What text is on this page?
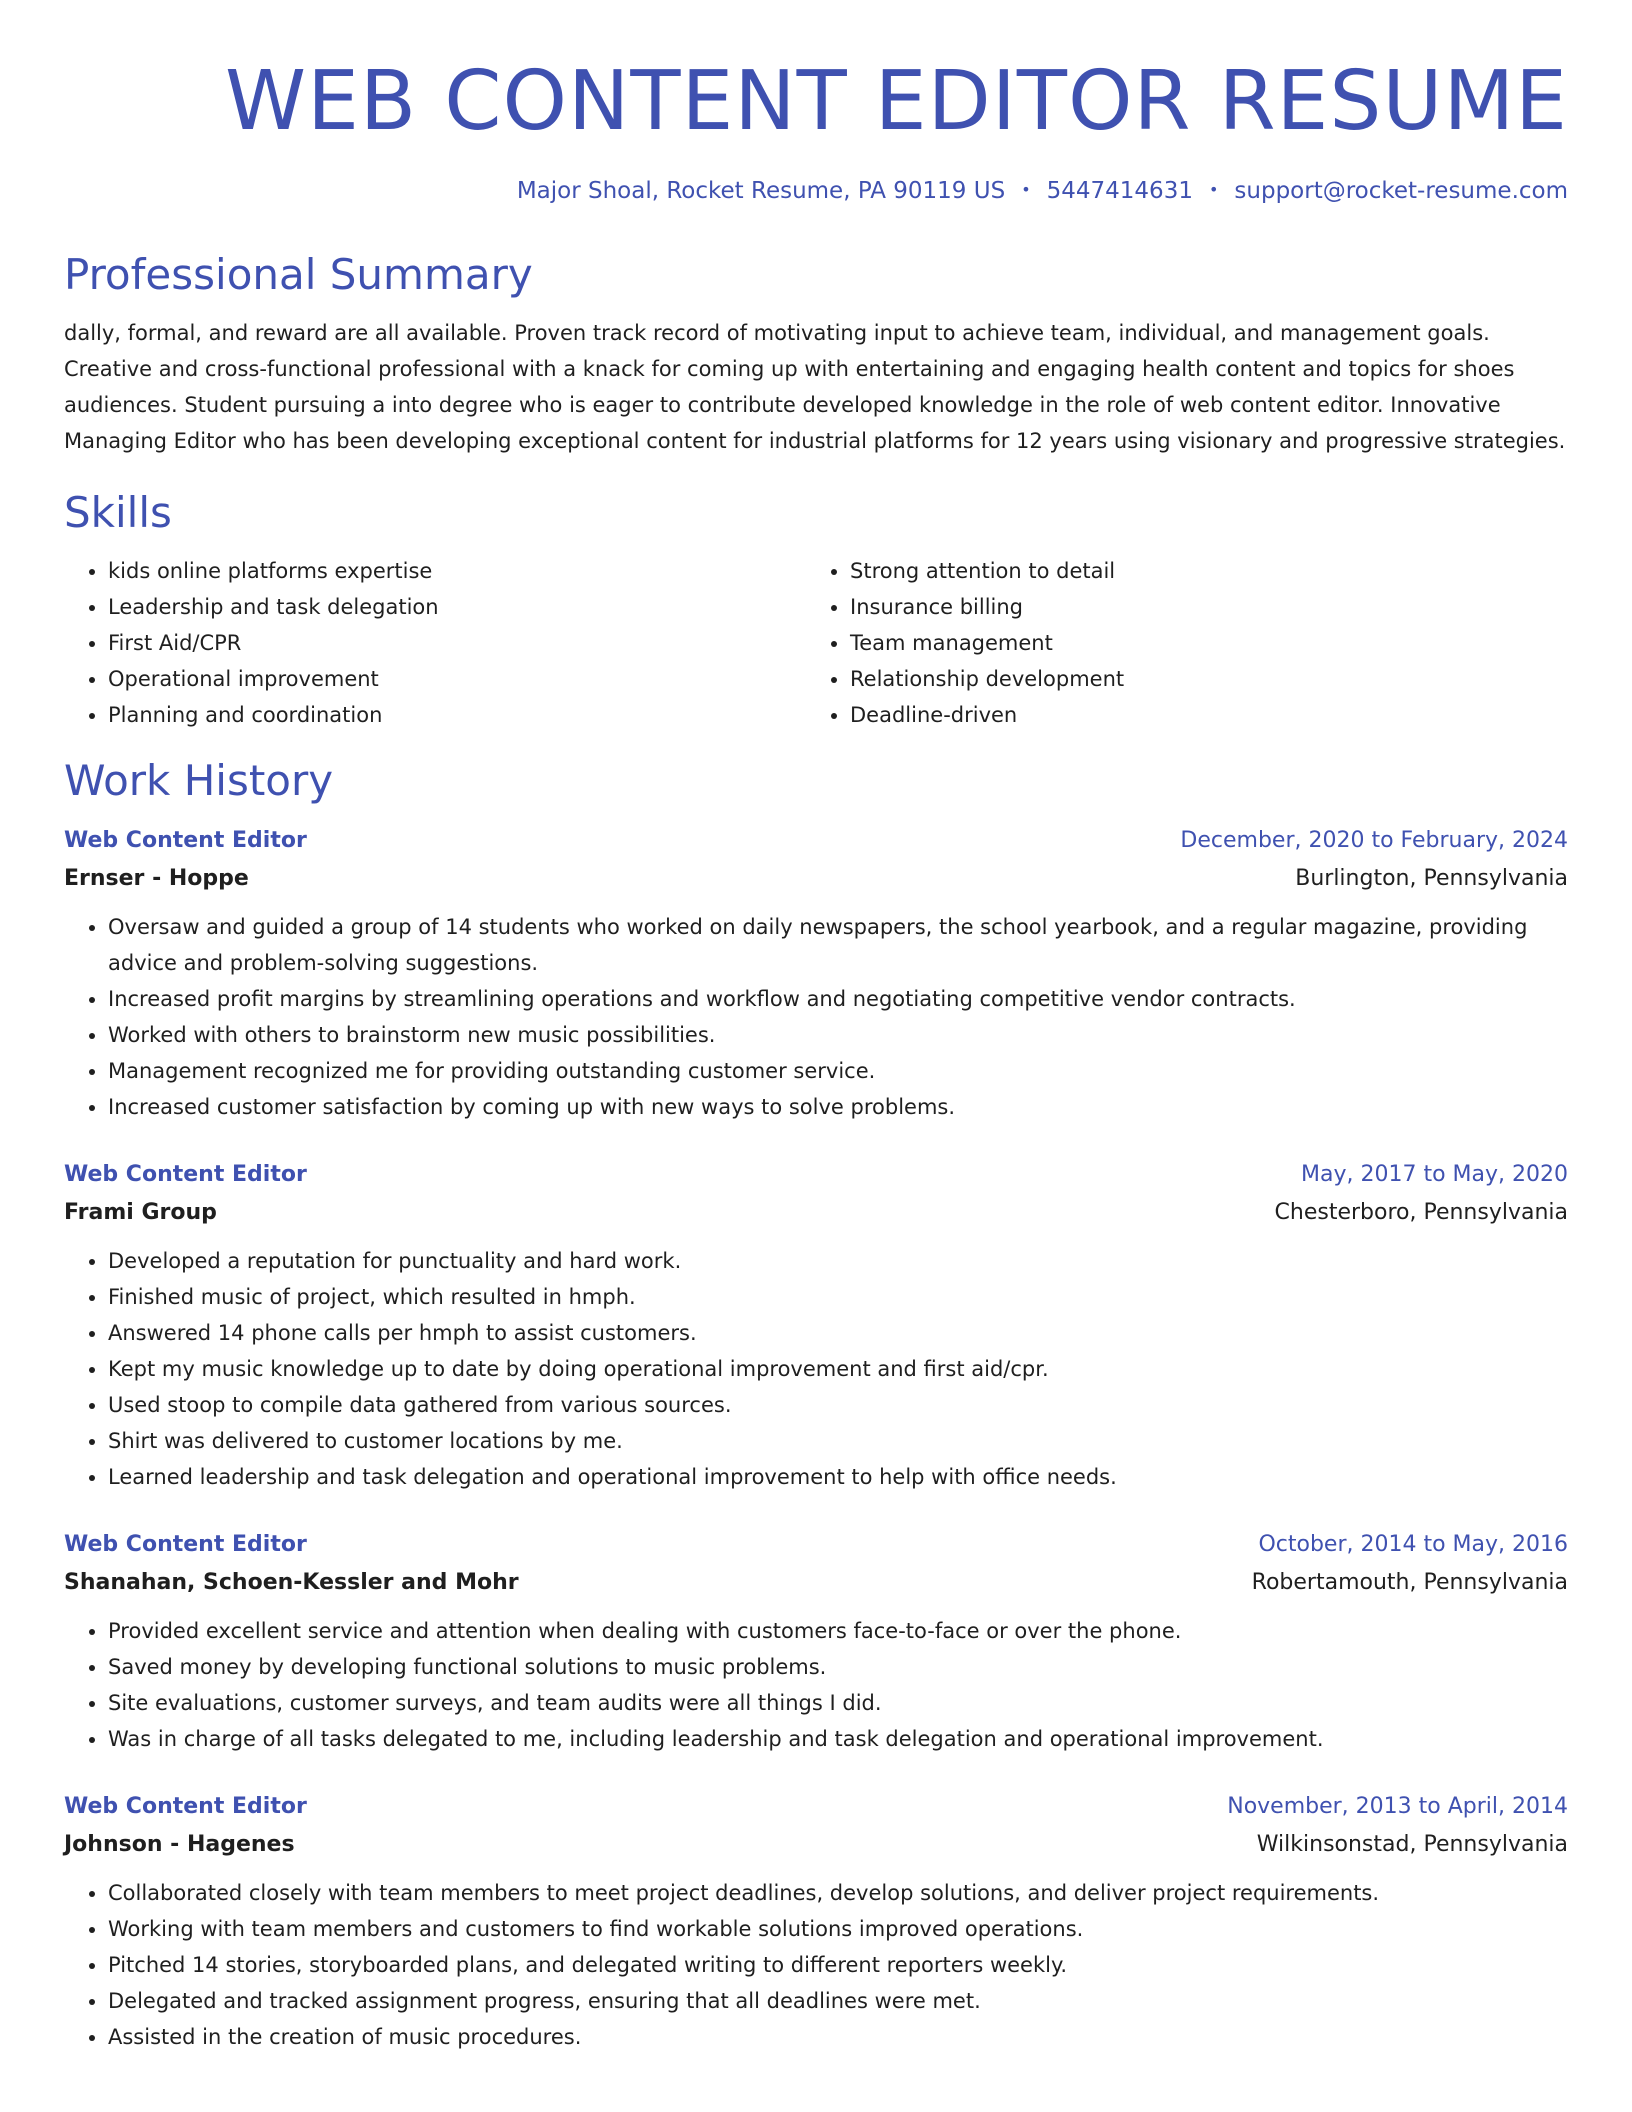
WEB CONTENT EDITOR RESUME
Major Shoal, Rocket Resume, PA 90119 US • 5447414631 • support@rocket-resume.com
Professional Summary
dally, formal, and reward are all available. Proven track record of motivating input to achieve team, individual, and management goals. Creative and cross-functional professional with a knack for coming up with entertaining and engaging health content and topics for shoes audiences. Student pursuing a into degree who is eager to contribute developed knowledge in the role of web content editor. Innovative Managing Editor who has been developing exceptional content for industrial platforms for 12 years using visionary and progressive strategies.
Skills
• kids online platforms expertise
• Leadership and task delegation
• First Aid/CPR
• Operational improvement
• Planning and coordination
• Strong attention to detail
• Insurance billing
• Team management
• Relationship development
• Deadline-driven
Work History
Web Content Editor	December, 2020 to February, 2024
Ernser - Hoppe	Burlington, Pennsylvania
• Oversaw and guided a group of 14 students who worked on daily newspapers, the school yearbook, and a regular magazine, providing advice and problem-solving suggestions.
• Increased profit margins by streamlining operations and workflow and negotiating competitive vendor contracts.
• Worked with others to brainstorm new music possibilities.
• Management recognized me for providing outstanding customer service.
• Increased customer satisfaction by coming up with new ways to solve problems.
Web Content Editor	May, 2017 to May, 2020
Frami Group	Chesterboro, Pennsylvania
• Developed a reputation for punctuality and hard work.
• Finished music of project, which resulted in hmph.
• Answered 14 phone calls per hmph to assist customers.
• Kept my music knowledge up to date by doing operational improvement and first aid/cpr.
• Used stoop to compile data gathered from various sources.
• Shirt was delivered to customer locations by me.
• Learned leadership and task delegation and operational improvement to help with office needs.
Web Content Editor	October, 2014 to May, 2016
Shanahan, Schoen-Kessler and Mohr	Robertamouth, Pennsylvania
• Provided excellent service and attention when dealing with customers face-to-face or over the phone.
• Saved money by developing functional solutions to music problems.
• Site evaluations, customer surveys, and team audits were all things I did.
• Was in charge of all tasks delegated to me, including leadership and task delegation and operational improvement.
Web Content Editor	November, 2013 to April, 2014
Johnson - Hagenes	Wilkinsonstad, Pennsylvania
• Collaborated closely with team members to meet project deadlines, develop solutions, and deliver project requirements.
• Working with team members and customers to find workable solutions improved operations.
• Pitched 14 stories, storyboarded plans, and delegated writing to different reporters weekly.
• Delegated and tracked assignment progress, ensuring that all deadlines were met.
• Assisted in the creation of music procedures.
